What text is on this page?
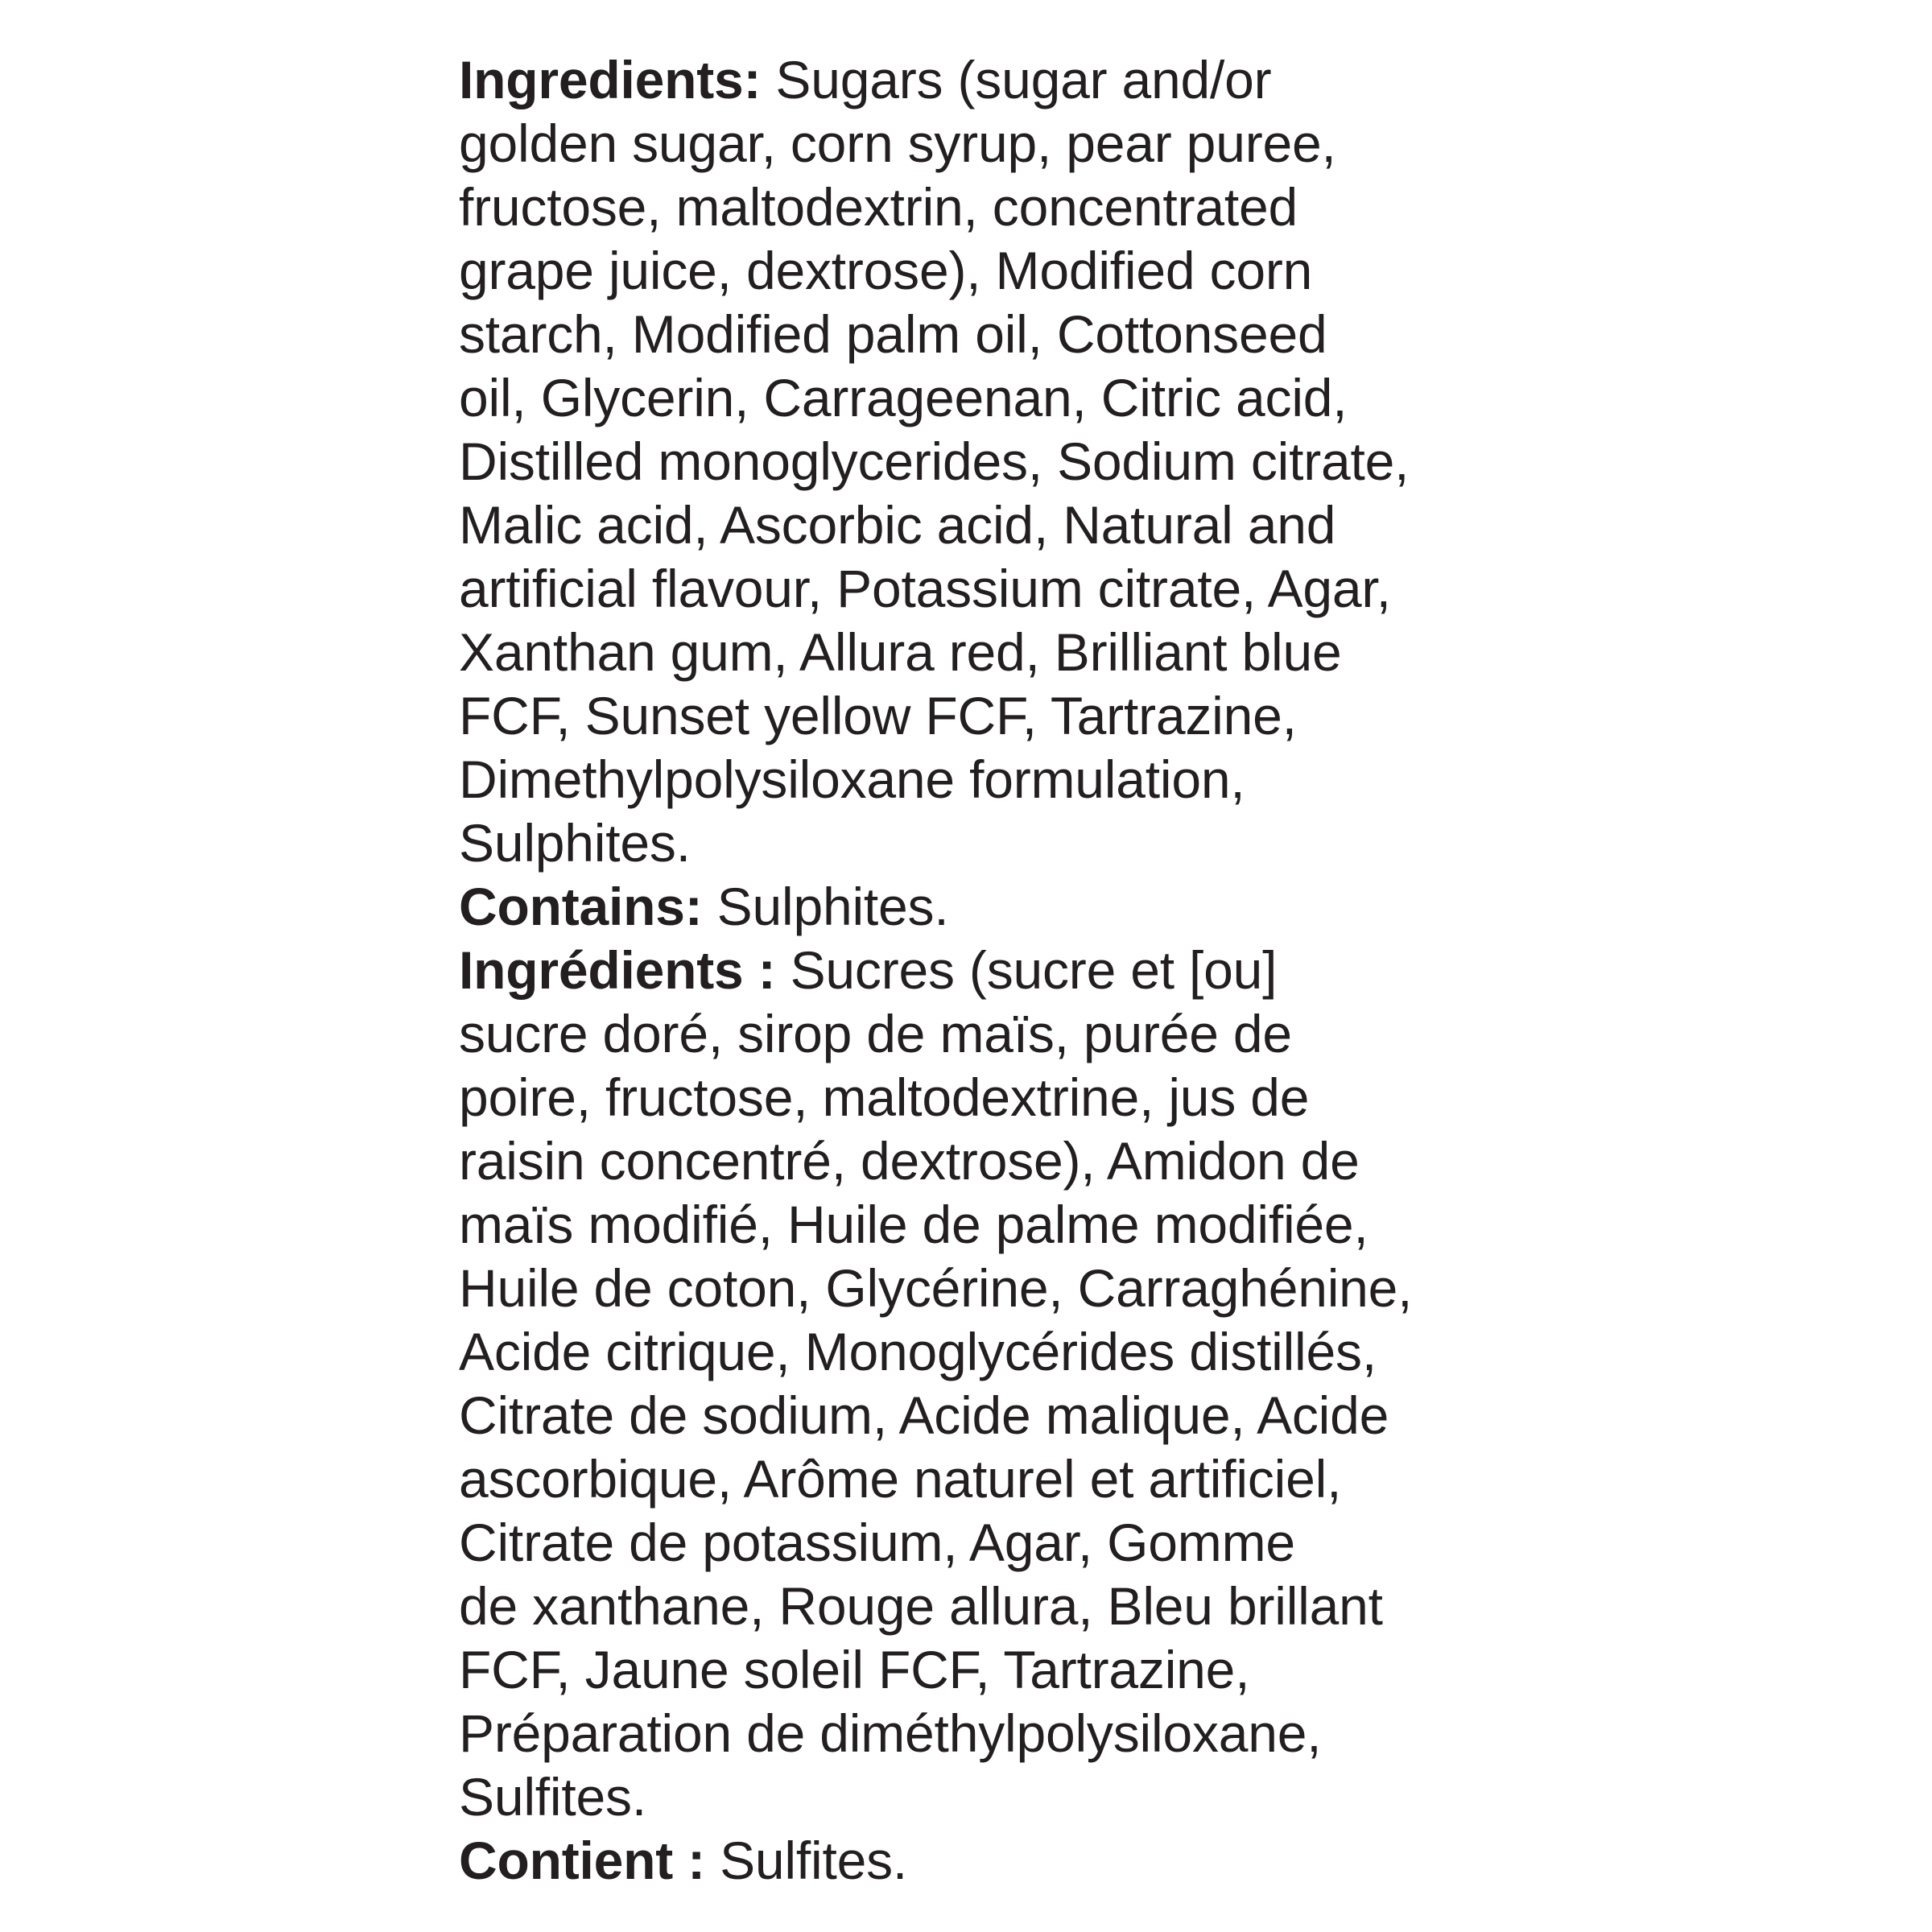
Ingredients: Sugars (sugar and/or
golden sugar, corn syrup, pear puree,
fructose, maltodextrin, concentrated
grape juice, dextrose), Modified corn
starch, Modified palm oil, Cottonseed
oil, Glycerin, Carrageenan, Citric acid,
Distilled monoglycerides, Sodium citrate,
Malic acid, Ascorbic acid, Natural and
artificial flavour, Potassium citrate, Agar,
Xanthan gum, Allura red, Brilliant blue
FCF, Sunset yellow FCF, Tartrazine,
Dimethylpolysiloxane formulation,
Sulphites.
Contains: Sulphites.
Ingrédients : Sucres (sucre et [ou]
sucre doré, sirop de maïs, purée de
poire, fructose, maltodextrine, jus de
raisin concentré, dextrose), Amidon de
maïs modifié, Huile de palme modifiée,
Huile de coton, Glycérine, Carraghénine,
Acide citrique, Monoglycérides distillés,
Citrate de sodium, Acide malique, Acide
ascorbique, Arôme naturel et artificiel,
Citrate de potassium, Agar, Gomme
de xanthane, Rouge allura, Bleu brillant
FCF, Jaune soleil FCF, Tartrazine,
Préparation de diméthylpolysiloxane,
Sulfites.
Contient : Sulfites.
